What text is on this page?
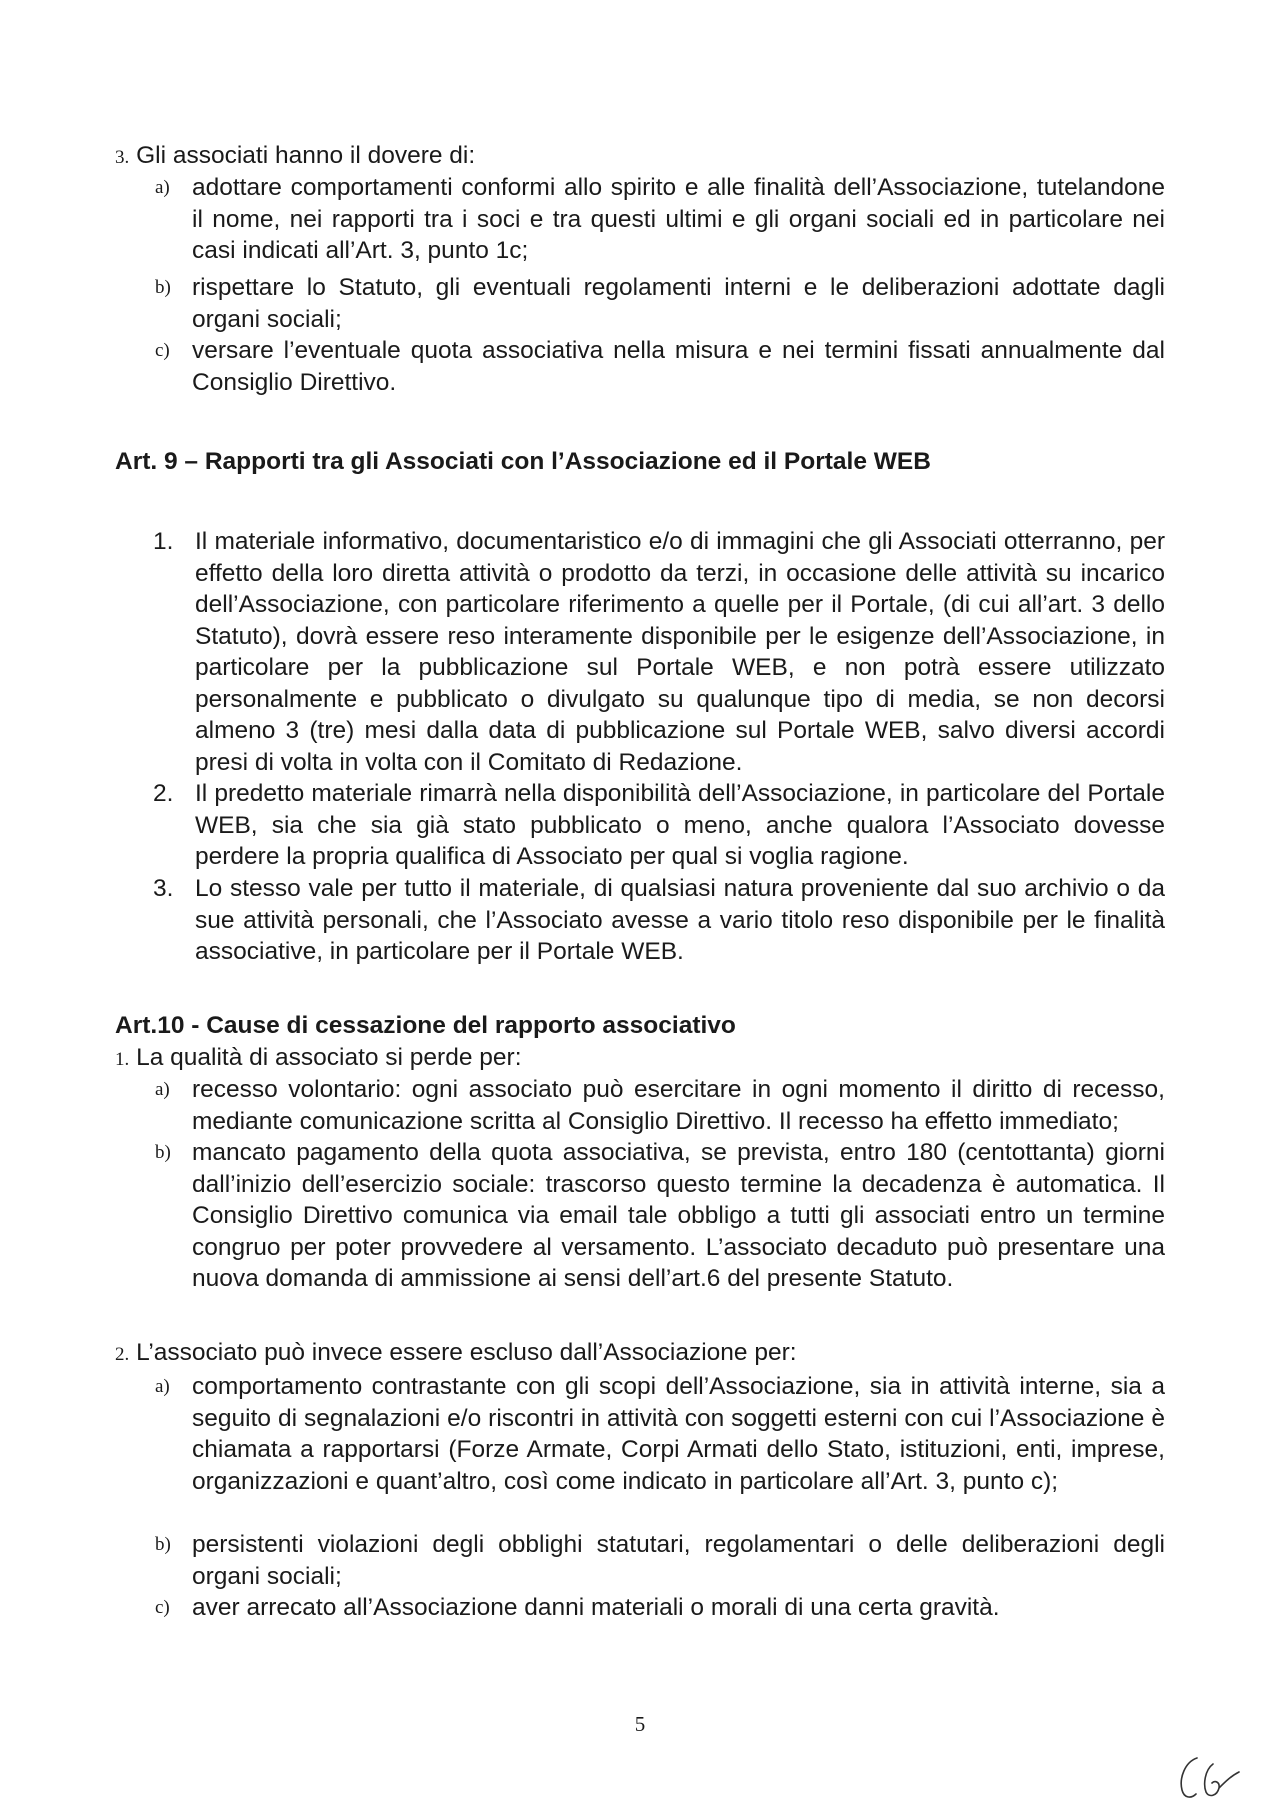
3. Gli associati hanno il dovere di:
a) adottare comportamenti conformi allo spirito e alle finalità dell’Associazione, tutelandone il nome, nei rapporti tra i soci e tra questi ultimi e gli organi sociali ed in particolare nei casi indicati all’Art. 3, punto 1c;
b) rispettare lo Statuto, gli eventuali regolamenti interni e le deliberazioni adottate dagli organi sociali;
c) versare l’eventuale quota associativa nella misura e nei termini fissati annualmente dal Consiglio Direttivo.
Art. 9 – Rapporti tra gli Associati con l’Associazione ed il Portale WEB
1. Il materiale informativo, documentaristico e/o di immagini che gli Associati otterranno, per effetto della loro diretta attività o prodotto da terzi, in occasione delle attività su incarico dell’Associazione, con particolare riferimento a quelle per il Portale, (di cui all’art. 3 dello Statuto), dovrà essere reso interamente disponibile per le esigenze dell’Associazione, in particolare per la pubblicazione sul Portale WEB, e non potrà essere utilizzato personalmente e pubblicato o divulgato su qualunque tipo di media, se non decorsi almeno 3 (tre) mesi dalla data di pubblicazione sul Portale WEB, salvo diversi accordi presi di volta in volta con il Comitato di Redazione.
2. Il predetto materiale rimarrà nella disponibilità dell’Associazione, in particolare del Portale WEB, sia che sia già stato pubblicato o meno, anche qualora l’Associato dovesse perdere la propria qualifica di Associato per qual si voglia ragione.
3. Lo stesso vale per tutto il materiale, di qualsiasi natura proveniente dal suo archivio o da sue attività personali, che l’Associato avesse a vario titolo reso disponibile per le finalità associative, in particolare per il Portale WEB.
Art.10 - Cause di cessazione del rapporto associativo
1. La qualità di associato si perde per:
a) recesso volontario: ogni associato può esercitare in ogni momento il diritto di recesso, mediante comunicazione scritta al Consiglio Direttivo. Il recesso ha effetto immediato;
b) mancato pagamento della quota associativa, se prevista, entro 180 (centottanta) giorni dall’inizio dell’esercizio sociale: trascorso questo termine la decadenza è automatica. Il Consiglio Direttivo comunica via email tale obbligo a tutti gli associati entro un termine congruo per poter provvedere al versamento. L’associato decaduto può presentare una nuova domanda di ammissione ai sensi dell’art.6 del presente Statuto.
2. L’associato può invece essere escluso dall’Associazione per:
a) comportamento contrastante con gli scopi dell’Associazione, sia in attività interne, sia a seguito di segnalazioni e/o riscontri in attività con soggetti esterni con cui l’Associazione è chiamata a rapportarsi (Forze Armate, Corpi Armati dello Stato, istituzioni, enti, imprese, organizzazioni e quant’altro, così come indicato in particolare all’Art. 3, punto c);
b) persistenti violazioni degli obblighi statutari, regolamentari o delle deliberazioni degli organi sociali;
c) aver arrecato all’Associazione danni materiali o morali di una certa gravità.
5
